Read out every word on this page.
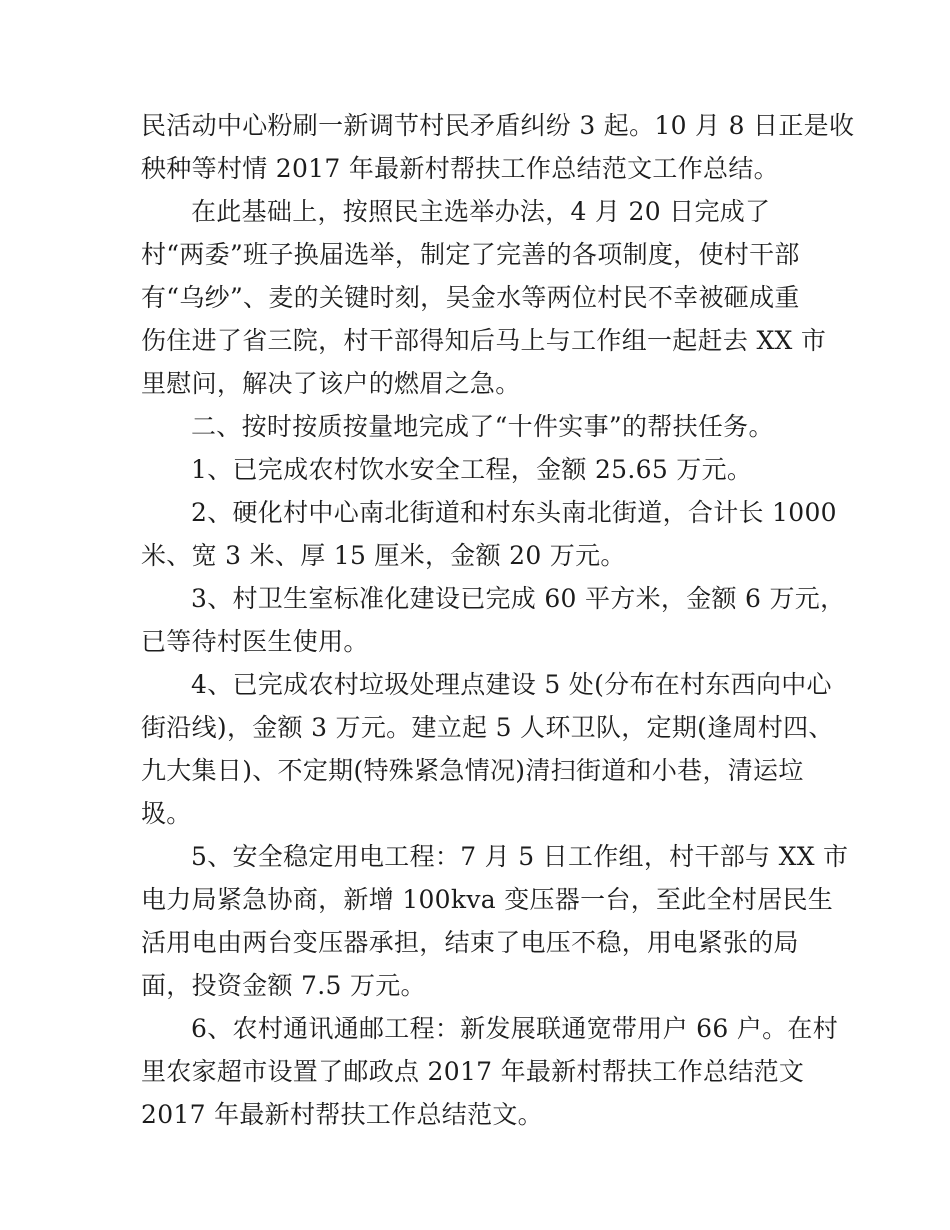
民活动中心粉刷一新调节村民矛盾纠纷 3 起。10 月 8 日正是收

秧种等村情 2017 年最新村帮扶工作总结范文工作总结。

在此基础上，按照民主选举办法，4 月 20 日完成了

村“两委”班子换届选举，制定了完善的各项制度，使村干部

有“乌纱”、麦的关键时刻，吴金水等两位村民不幸被砸成重

伤住进了省三院，村干部得知后马上与工作组一起赶去 XX 市

里慰问，解决了该户的燃眉之急。

二、按时按质按量地完成了“十件实事”的帮扶任务。

1、已完成农村饮水安全工程，金额 25.65 万元。

2、硬化村中心南北街道和村东头南北街道，合计长 1000

米、宽 3 米、厚 15 厘米，金额 20 万元。

3、村卫生室标准化建设已完成 60 平方米，金额 6 万元，

已等待村医生使用。

4、已完成农村垃圾处理点建设 5 处(分布在村东西向中心

街沿线)，金额 3 万元。建立起 5 人环卫队，定期(逢周村四、

九大集日)、不定期(特殊紧急情况)清扫街道和小巷，清运垃

圾。

5、安全稳定用电工程：7 月 5 日工作组，村干部与 XX 市

电力局紧急协商，新增 100kva 变压器一台，至此全村居民生

活用电由两台变压器承担，结束了电压不稳，用电紧张的局

面，投资金额 7.5 万元。

6、农村通讯通邮工程：新发展联通宽带用户 66 户。在村

里农家超市设置了邮政点 2017 年最新村帮扶工作总结范文

2017 年最新村帮扶工作总结范文。
